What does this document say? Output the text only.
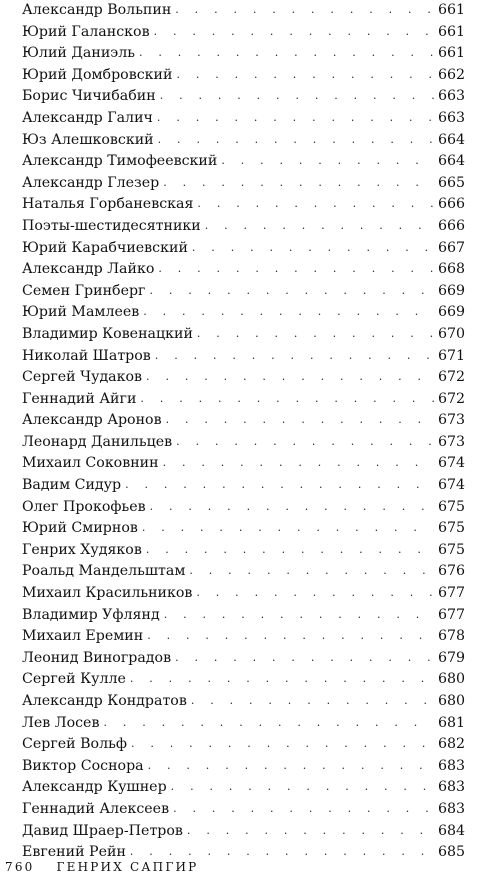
Александр Вольпин . . .	661
Юрий Галансков . . .	661
Юлий Даниэль . . .	661
Юрий Домбровский . . .	662
Борис Чичибабин . . .	663
Александр Галич . . .	663
Юз Алешковский . . .	664
Александр Тимофеевский . . .	664
Александр Глезер . . .	665
Наталья Горбаневская . . .	666
Поэты-шестидесятники . . .	666
Юрий Карабчиевский . . .	667
Александр Лайко . . .	668
Семен Гринберг . . .	669
Юрий Мамлеев . . .	669
Владимир Ковенацкий . . .	670
Николай Шатров . . .	671
Сергей Чудаков . . .	672
Геннадий Айги . . .	672
Александр Аронов . . .	673
Леонард Данильцев . . .	673
Михаил Соковнин . . .	674
Вадим Сидур . . .	674
Олег Прокофьев . . .	675
Юрий Смирнов . . .	675
Генрих Худяков . . .	675
Роальд Мандельштам . . .	676
Михаил Красильников . . .	677
Владимир Уфлянд . . .	677
Михаил Еремин . . .	678
Леонид Виноградов . . .	679
Сергей Кулле . . .	680
Александр Кондратов . . .	680
Лев Лосев . . .	681
Сергей Вольф . . .	682
Виктор Соснора . . .	683
Александр Кушнер . . .	683
Геннадий Алексеев . . .	683
Давид Шраер-Петров . . .	684
Евгений Рейн . . .	685
760 ГЕНРИХ САПГИР
